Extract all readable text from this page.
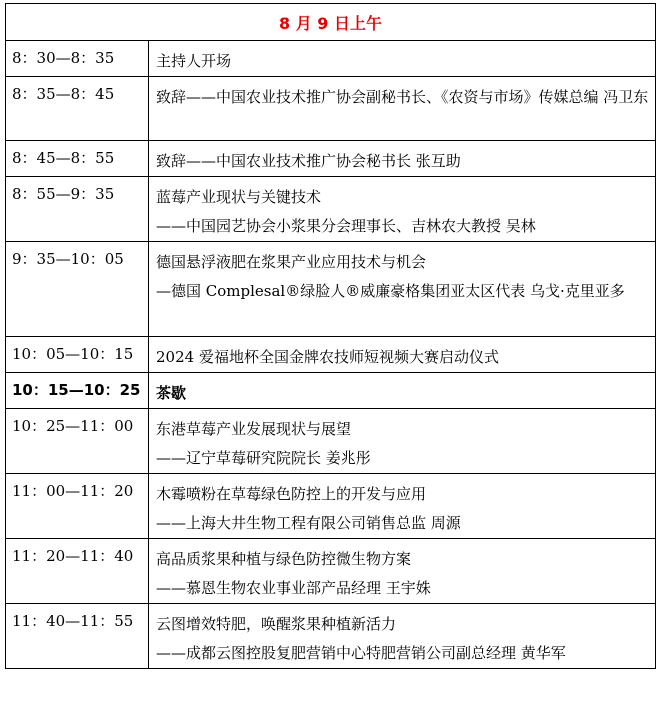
8 月 9 日上午	
8：30—8：35	主持人开场

8：35—8：45	致辞——中国农业技术推广协会副秘书长、《农资与市场》传媒总编 冯卫东

8：45—8：55	致辞——中国农业技术推广协会秘书长 张互助

8：55—9：35	蓝莓产业现状与关键技术
——中国园艺协会小浆果分会理事长、吉林农大教授 吴林

9：35—10：05	德国悬浮液肥在浆果产业应用技术与机会
—德国 Complesal®绿脸人®威廉豪格集团亚太区代表 乌戈·克里亚多

10：05—10：15	2024 爱福地杯全国金牌农技师短视频大赛启动仪式

10：15—10：25	茶歇

10：25—11：00	东港草莓产业发展现状与展望
——辽宁草莓研究院院长 姜兆彤

11：00—11：20	木霉喷粉在草莓绿色防控上的开发与应用
——上海大井生物工程有限公司销售总监 周源

11：20—11：40	高品质浆果种植与绿色防控微生物方案
——慕恩生物农业事业部产品经理 王宇姝

11：40—11：55	云图增效特肥，唤醒浆果种植新活力
——成都云图控股复肥营销中心特肥营销公司副总经理 黄华军
